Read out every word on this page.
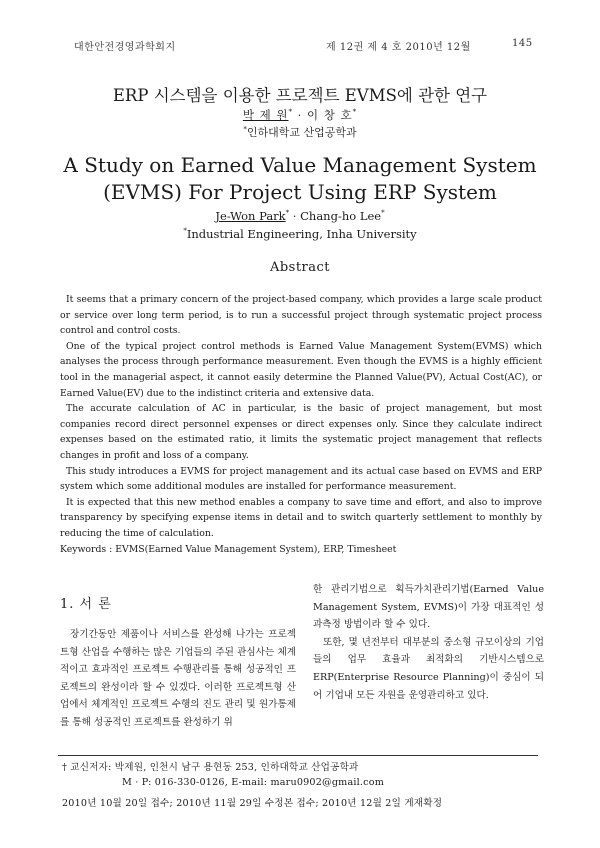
대한안전경영과학회지	제 12권 제 4 호 2010년 12월	145
ERP 시스템을 이용한 프로젝트 EVMS에 관한 연구
박 제 원* · 이 창 호*
*인하대학교 산업공학과
A Study on Earned Value Management System (EVMS) For Project Using ERP System
Je-Won Park* · Chang-ho Lee*
*Industrial Engineering, Inha University
Abstract

It seems that a primary concern of the project-based company, which provides a large scale product or service over long term period, is to run a successful project through systematic project process control and control costs.

One of the typical project control methods is Earned Value Management System(EVMS) which analyses the process through performance measurement. Even though the EVMS is a highly efficient tool in the managerial aspect, it cannot easily determine the Planned Value(PV), Actual Cost(AC), or Earned Value(EV) due to the indistinct criteria and extensive data.

The accurate calculation of AC in particular, is the basic of project management, but most companies record direct personnel expenses or direct expenses only. Since they calculate indirect expenses based on the estimated ratio, it limits the systematic project management that reflects changes in profit and loss of a company.

This study introduces a EVMS for project management and its actual case based on EVMS and ERP system which some additional modules are installed for performance measurement.

It is expected that this new method enables a company to save time and effort, and also to improve transparency by specifying expense items in detail and to switch quarterly settlement to monthly by reducing the time of calculation.

Keywords : EVMS(Earned Value Management System), ERP, Timesheet

1. 서 론

장기간동안 제품이나 서비스를 완성해 나가는 프로젝트형 산업을 수행하는 많은 기업들의 주된 관심사는 체계적이고 효과적인 프로젝트 수행관리를 통해 성공적인 프로젝트의 완성이라 할 수 있겠다. 이러한 프로젝트형 산업에서 체계적인 프로젝트 수행의 진도 관리 및 원가통제를 통해 성공적인 프로젝트를 완성하기 위

한 관리기법으로 획득가치관리기법(Earned Value Management System, EVMS)이 가장 대표적인 성과측정 방법이라 할 수 있다.

또한, 몇 년전부터 대부분의 중소형 규모이상의 기업들의 업무 효율과 최적화의 기반시스템으로 ERP(Enterprise Resource Planning)이 중심이 되어 기업내 모든 자원을 운영관리하고 있다.

† 교신저자: 박제원, 인천시 남구 용현동 253, 인하대학교 산업공학과
M · P: 016-330-0126, E-mail: maru0902@gmail.com
2010년 10월 20일 접수; 2010년 11월 29일 수정본 접수; 2010년 12월 2일 게재확정
